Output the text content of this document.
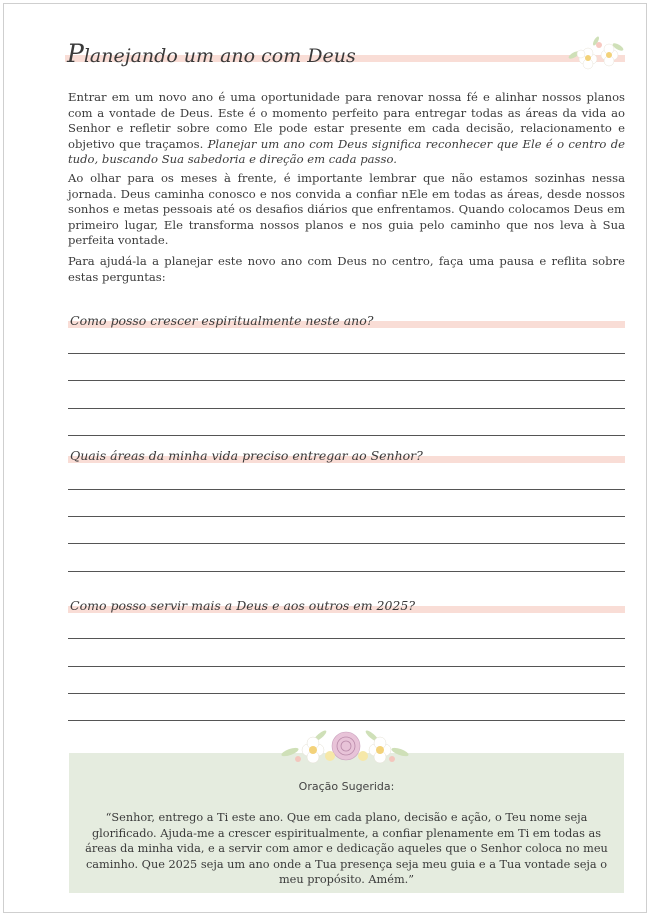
Planejando um ano com Deus
Entrar em um novo ano é uma oportunidade para renovar nossa fé e alinhar nossos planos com a vontade de Deus. Este é o momento perfeito para entregar todas as áreas da vida ao Senhor e refletir sobre como Ele pode estar presente em cada decisão, relacionamento e objetivo que traçamos. Planejar um ano com Deus significa reconhecer que Ele é o centro de tudo, buscando Sua sabedoria e direção em cada passo.
Ao olhar para os meses à frente, é importante lembrar que não estamos sozinhas nessa jornada. Deus caminha conosco e nos convida a confiar nEle em todas as áreas, desde nossos sonhos e metas pessoais até os desafios diários que enfrentamos. Quando colocamos Deus em primeiro lugar, Ele transforma nossos planos e nos guia pelo caminho que nos leva à Sua perfeita vontade.
Para ajudá-la a planejar este novo ano com Deus no centro, faça uma pausa e reflita sobre estas perguntas:
Como posso crescer espiritualmente neste ano?
Quais áreas da minha vida preciso entregar ao Senhor?
Como posso servir mais a Deus e aos outros em 2025?
Oração Sugerida:
“Senhor, entrego a Ti este ano. Que em cada plano, decisão e ação, o Teu nome seja glorificado. Ajuda-me a crescer espiritualmente, a confiar plenamente em Ti em todas as áreas da minha vida, e a servir com amor e dedicação aqueles que o Senhor coloca no meu caminho. Que 2025 seja um ano onde a Tua presença seja meu guia e a Tua vontade seja o meu propósito. Amém.”
